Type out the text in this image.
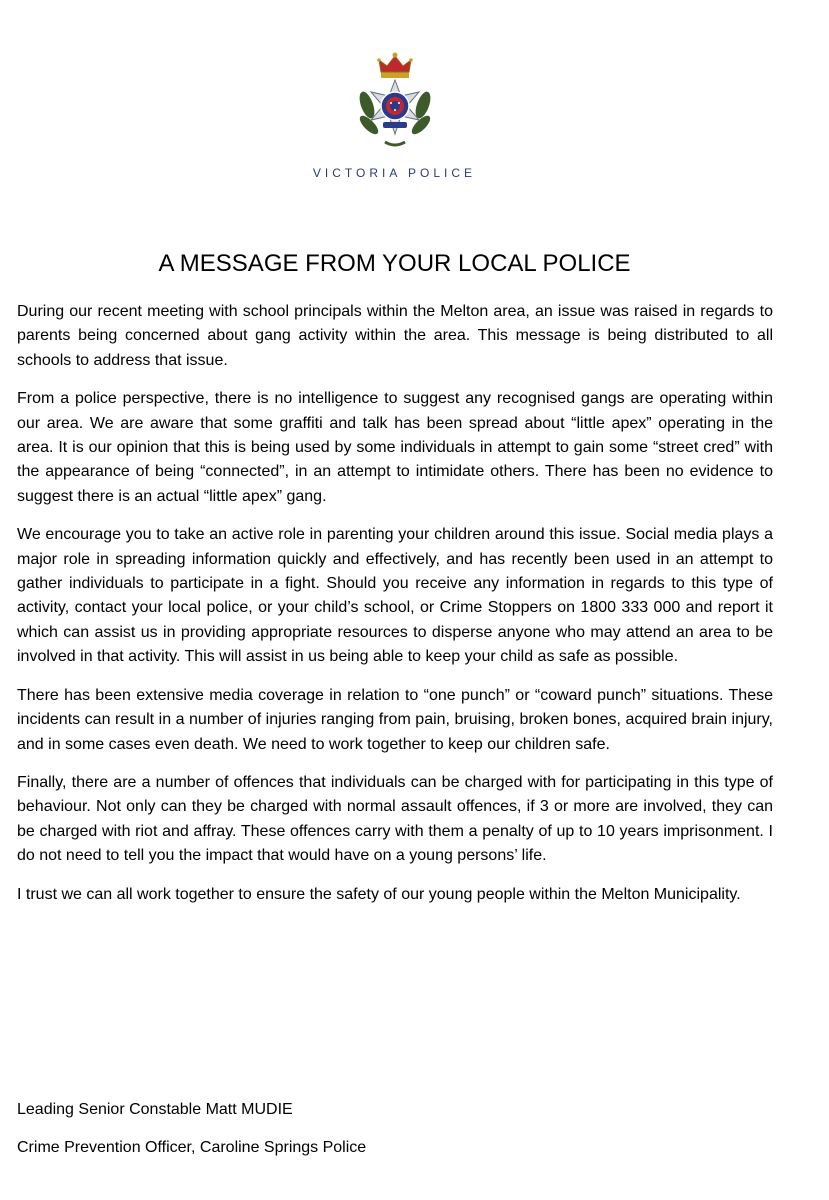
VICTORIA POLICE
A MESSAGE FROM YOUR LOCAL POLICE

During our recent meeting with school principals within the Melton area, an issue was raised in regards to parents being concerned about gang activity within the area. This message is being distributed to all schools to address that issue.

From a police perspective, there is no intelligence to suggest any recognised gangs are operating within our area. We are aware that some graffiti and talk has been spread about “little apex” operating in the area. It is our opinion that this is being used by some individuals in attempt to gain some “street cred” with the appearance of being “connected”, in an attempt to intimidate others. There has been no evidence to suggest there is an actual “little apex” gang.

We encourage you to take an active role in parenting your children around this issue. Social media plays a major role in spreading information quickly and effectively, and has recently been used in an attempt to gather individuals to participate in a fight. Should you receive any information in regards to this type of activity, contact your local police, or your child’s school, or Crime Stoppers on 1800 333 000 and report it which can assist us in providing appropriate resources to disperse anyone who may attend an area to be involved in that activity. This will assist in us being able to keep your child as safe as possible.

There has been extensive media coverage in relation to “one punch” or “coward punch” situations. These incidents can result in a number of injuries ranging from pain, bruising, broken bones, acquired brain injury, and in some cases even death. We need to work together to keep our children safe.

Finally, there are a number of offences that individuals can be charged with for participating in this type of behaviour. Not only can they be charged with normal assault offences, if 3 or more are involved, they can be charged with riot and affray. These offences carry with them a penalty of up to 10 years imprisonment. I do not need to tell you the impact that would have on a young persons’ life.

I trust we can all work together to ensure the safety of our young people within the Melton Municipality.

Leading Senior Constable Matt MUDIE

Crime Prevention Officer, Caroline Springs Police
